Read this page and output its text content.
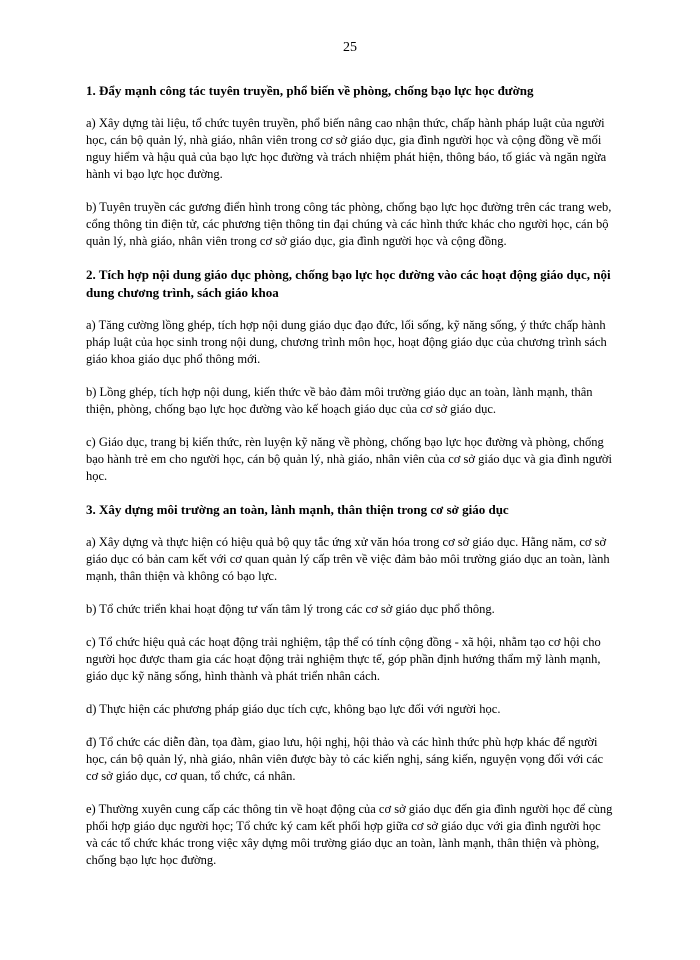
25

1. Đẩy mạnh công tác tuyên truyền, phổ biến về phòng, chống bạo lực học đường

a) Xây dựng tài liệu, tổ chức tuyên truyền, phổ biến nâng cao nhận thức, chấp hành pháp luật của người học, cán bộ quản lý, nhà giáo, nhân viên trong cơ sở giáo dục, gia đình người học và cộng đồng về mối nguy hiểm và hậu quả của bạo lực học đường và trách nhiệm phát hiện, thông báo, tố giác và ngăn ngừa hành vi bạo lực học đường.

b) Tuyên truyền các gương điển hình trong công tác phòng, chống bạo lực học đường trên các trang web, cổng thông tin điện tử, các phương tiện thông tin đại chúng và các hình thức khác cho người học, cán bộ quản lý, nhà giáo, nhân viên trong cơ sở giáo dục, gia đình người học và cộng đồng.

2. Tích hợp nội dung giáo dục phòng, chống bạo lực học đường vào các hoạt động giáo dục, nội dung chương trình, sách giáo khoa

a) Tăng cường lồng ghép, tích hợp nội dung giáo dục đạo đức, lối sống, kỹ năng sống, ý thức chấp hành pháp luật của học sinh trong nội dung, chương trình môn học, hoạt động giáo dục của chương trình sách giáo khoa giáo dục phổ thông mới.

b) Lồng ghép, tích hợp nội dung, kiến thức về bảo đảm môi trường giáo dục an toàn, lành mạnh, thân thiện, phòng, chống bạo lực học đường vào kế hoạch giáo dục của cơ sở giáo dục.

c) Giáo dục, trang bị kiến thức, rèn luyện kỹ năng về phòng, chống bạo lực học đường và phòng, chống bạo hành trẻ em cho người học, cán bộ quản lý, nhà giáo, nhân viên của cơ sở giáo dục và gia đình người học.

3. Xây dựng môi trường an toàn, lành mạnh, thân thiện trong cơ sở giáo dục

a) Xây dựng và thực hiện có hiệu quả bộ quy tắc ứng xử văn hóa trong cơ sở giáo dục. Hằng năm, cơ sở giáo dục có bản cam kết với cơ quan quản lý cấp trên về việc đảm bảo môi trường giáo dục an toàn, lành mạnh, thân thiện và không có bạo lực.

b) Tổ chức triển khai hoạt động tư vấn tâm lý trong các cơ sở giáo dục phổ thông.

c) Tổ chức hiệu quả các hoạt động trải nghiệm, tập thể có tính cộng đồng - xã hội, nhằm tạo cơ hội cho người học được tham gia các hoạt động trải nghiệm thực tế, góp phần định hướng thẩm mỹ lành mạnh, giáo dục kỹ năng sống, hình thành và phát triển nhân cách.

d) Thực hiện các phương pháp giáo dục tích cực, không bạo lực đối với người học.

đ) Tổ chức các diễn đàn, tọa đàm, giao lưu, hội nghị, hội thảo và các hình thức phù hợp khác để người học, cán bộ quản lý, nhà giáo, nhân viên được bày tỏ các kiến nghị, sáng kiến, nguyện vọng đối với các cơ sở giáo dục, cơ quan, tổ chức, cá nhân.

e) Thường xuyên cung cấp các thông tin về hoạt động của cơ sở giáo dục đến gia đình người học để cùng phối hợp giáo dục người học; Tổ chức ký cam kết phối hợp giữa cơ sở giáo dục với gia đình người học và các tổ chức khác trong việc xây dựng môi trường giáo dục an toàn, lành mạnh, thân thiện và phòng, chống bạo lực học đường.
